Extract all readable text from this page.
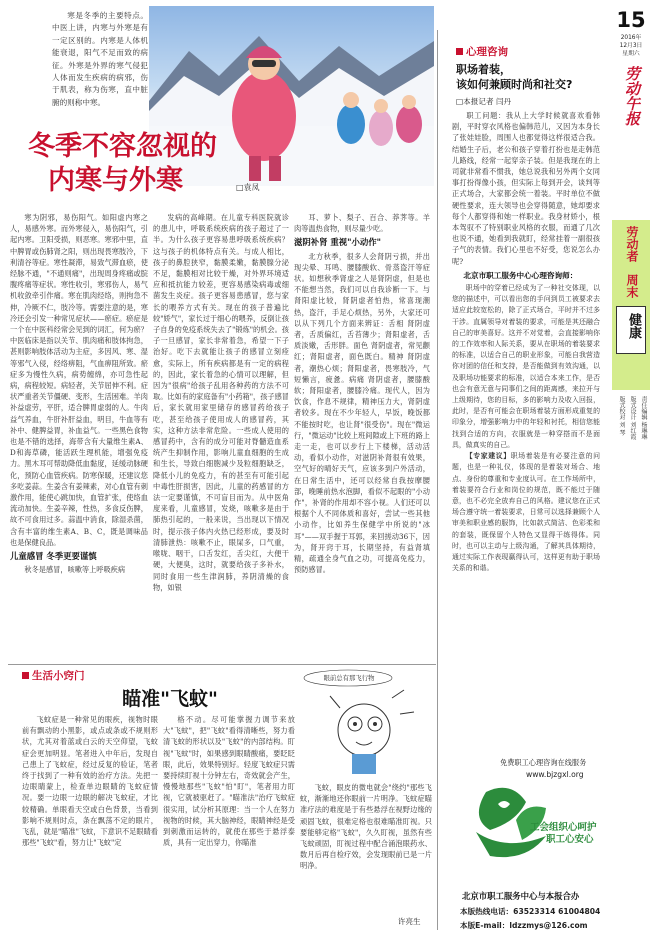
寒是冬季的主要特点。中医上讲，内寒与外寒是有一定区别的。内寒是人体机能衰退，阳气不足而致的病征。外寒是外界的寒气侵犯人体而发生疾病的病邪，伤于肌表，称为伤寒，直中脏腑的则称中寒。
冬季不容忽视的
内寒与外寒	□袁凤

寒为阴邪，易伤阳气。如阳虚内寒之人，易感外寒。而外寒侵入，易伤阳气，引起内寒。卫阳受损，则恶寒。寒邪中里，直中脾胃或伤肺肾之阳，则出现畏寒肢冷，下利清谷等症。寒性凝滞，易致气滞血瘀，使经脉不通，"不通则痛"，出现周身疼痛或脘腹疼痛等症状。寒性收引，寒邪伤人，易气机收敛牵引作痛。寒在肌肉经络，则拘急不伸，冷厥不仁，肢冷等。需要注意的是，寒冷还会引发一种常见症状——瘀症。瘀症是一个在中医科经常会见到的词汇，何为瘀？中医临床是指以关节、肌肉痛和肢体拘急，甚则影响肢体活动为主症，多因风、寒、湿等邪气入侵，经络痹阻，气血痹阻所致。瘀症多为慢性久病，病势缠绵，亦可急性起病，病程较短。病轻者，关节屈伸不利。症状严重者关节僵硬、变形，生活困难。羊肉补益虚劳，平肝，适合脾胃虚弱的人。牛肉益气养血，牛肝补肝益血，明目，牛血等有补中、健脾益胃，补血益气。一些黑色食物也是不错的选择，海带含有大量维生素A、D和海草磷，能活跃生理机能，增强免疫力。黑木耳可帮助降低血黏度，延缓动脉硬化，预防心血管疾病。防寒保暖，还建议您多吃姜蒜。生姜含有姜辣素，对心血管有刺激作用，能使心跳加快，血管扩张，使络血流动加快。生姜辛辣，性热，多食反伤脾，故不可食用过多。蒜温中消食，除湿杀菌，含有丰富的维生素A、B、C，既是调味品也是保健良品。

儿童感冒 冬季更要谨慎

秋冬是感冒，咳嗽等上呼吸疾病

发病的高峰期。在儿童专科医院就诊的患儿中，呼吸系统疾病的孩子超过了一半。为什么孩子更容易患呼吸系统疾病？这与孩子的机体特点有关。与成人相比，孩子的鼻腔狭窄，黏膜柔嫩，黏膜腺分泌不足，黏膜相对比较干燥，对外界环境适应和抵抗能力较差，更容易感染病毒或细菌发生炎症。孩子更容易患感冒，您与家长的喂养方式有关。现在的孩子普遍比较"娇气"，家长过于细心的喂养，反倒让孩子自身的免疫系统失去了"锻炼"的机会。孩子一旦感冒，家长非常着急，希望一下子治好。吃下去就能让孩子的感冒立刻痊愈，实际上，所有疾病都是有一定的病程的，因此，家长着急的心情可以理解，但因为"很病"给孩子乱用各种药的方法不可取。比如有的家庭备有"小药箱"，孩子感冒后，家长就用家里储存的感冒药给孩子吃，甚至给孩子使用成人的感冒药，其实，这种方法非常危险。一些成人使用的感冒药中，含有的成分可能对脊髓造血系统产生抑制作用，影响儿童血细胞的生成和生长，导致白细胞减少及粒细胞缺乏，降低小儿的免疫力，有的甚至有可能引起中毒性肝损害，因此，儿童的药感冒的方法一定要谨慎，不可盲目而为。从中医角度来看，儿童感冒，发烧，咳嗽多是由于肺热引起的，一般来说，当出现以下情况时，提示孩子体内火热已经形成，要及时清肺泄热：咳嗽不止，眼屎多，口气重，喉咙、咽干，口舌发红，舌尖红，大便干硬，大便臭，这时，就要给孩子多补水，同时食用一些生津润肺，养阴清燥的食物，如银

耳、萝卜、梨子、百合、莽荠等。羊肉等温热食物，则尽量少吃。

滋阴补肾 重视"小动作"

北方秋季，很多人会肾阴亏损，并出现尖晕、耳鸣、腰膝酸软、骨蒸盗汗等症状。如想秋季肾虚之人是肾阴虚，但是也不能想当然，我们可以自我诊断一下。与肾阳虚比较，肾阴虚者怕热，常喜现潮热，盗汗，手足心烦热，另外，大家还可以从下列几个方面来辨证：舌相 肾阴虚者，舌质偏红，舌苔薄少；肾阳虚者，舌质淡嫩，舌形胖。面色 肾阴虚者，常见颧红；肾阳虚者，面色既白。精神 肾阴虚者，潮热心烦；肾阳虚者，畏寒肢冷，气短懒言，疲惫。病痛 肾阴虚者，腰膝酸软；肾阳虚者，腰膝冷痛。现代人，因为饮食，作息不规律，精神压力大，肾阴虚者较多。现在不少年轻人，早饭，晚饭都不能按时吃，也让肾"很受伤"。现在"微运行，"微运动"比较上班间隙或上下班的路上走一走，也可以步行上下楼梯，活动活动，看似小动作，对滋阴补肾很有效果，空气好的晴好天气，应该多到户外活动，在日常生活中，还可以经常自我按摩腰部，晚睡前热水泡脚，看似不起眼的"小动作"，补肾的作用却不容小视。人们还可以根据个人不同体质和喜好，尝试一些其他小动作，比如养生保健学中所说的"冰耳"——双手握于耳郭，来回搓动36下，因为，肾开窍于耳，长期坚持，有益肾填精，疏通全身气血之功，可提高免疫力，预防感冒。

生活小窍门
瞄准"飞蚊"
眼前总有那飞行物

飞蚊症是一种常见的眼疾，视物时眼前有飘动的小黑影，或点或条或不规则形状，尤其对着蓝或白云的天空仰望，飞蚊症会更加明显。笔者进入中年后，发现自己患上了飞蚊症，经过反复的验证，笔者终于找到了一种有效的治疗方法。先把一边眼睛蒙上，检查单边眼睛的飞蚊症情况。要一边眼一边眼的解决飞蚊症，才比较精确。单眼看天空或白色背景，当看到影响不规则时点，条在飘荡不定的眼片，飞乱，就是"瞄准"飞蚊，下意识不足眼睛看那些"飞蚊"看，努力让"飞蚊"定

格不动。尽可能掌握力调节来放大"飞蚊"，把"飞蚊"看得清晰些，努力看清飞蚊的形状以及"飞蚊"的内部结构。盯视"飞蚊"时，如果感到眼睛酸痛，要眨眨眼，此后，效果特别好。轻度飞蚊症只需要持续盯视十分钟左右，奇效就会产生，慢慢地那些"飞蚊"怕"盯"，笔者用力盯视，它就被驱赶了。"瞄准法"治疗飞蚊症很实用，试分析其原理：当一个人在努力视物的时候，其大脑神经，眼睛神经是受到刺激而运转的，就使在那些于悬浮泰质，具有一定出穿力，你瞄准

飞蚊，眼皮的微电就会"绕约"那些飞蚊，渐渐地还你眼前一片明净。飞蚊症瞄准疗法的难度是于有些悬浮在视野边缘的顽固飞蚊，很难定格也很难瞄准盯视。只要能够定格"飞蚊"，久久盯视，虽然有些飞蚊顽固，盯视过程中配合涌泡眼药水、数月后再自检疗效，会发现眼前已是一片明净。

许亮生
心理咨询
职场着装，
该如何兼顾时尚和社交?
□本报记者 闫丹

职工问题：我从上大学时候就喜欢看韩剧，平时穿衣风格也偏韩范儿，又因为本身长了张娃娃脸，周围人也都觉得这样很适合我。结婚生子后，老公和孩子穿着打扮也是走韩范儿路线，经常一起穿亲子装。但是我现在的上司就非常看不惯我，她总说我和另外两个女同事打扮得像小孩，但实际上每到开会，谈判等正式场合，大家都会统一着装。平时单位不做硬性要求，连大领导也会穿得随意，她却要求每个人都穿得和她一样职业。我身材娇小，根本驾驭不了特别职业风格的衣服，而通了几次也说不通，她看到我就盯，经常挂着一副很孩子气的表情。我们心里也不好受，您说怎么办呢?

北京市职工服务中心心理咨询师：

职场中的穿着已经成为了一种社交体现，以您的描述中，可以看出您的手问到员工被要求去适应此较宽松的，除了正式场合，平时并不过多干涉。直属领导对着装的要求，可能是其还融合自己的审美喜好。这并不对觉着，会直接影响你的工作效率和人际关系，要从在职场的着装要求的标准，以适合自己的职业形象，可能自我营造你对团的信任和支持，是否能做到有效沟通，以及职场功能要求的标准，以适合本来工作，是否也会有意无意与同事们之间的距离感，来拉开与上级期待，您的目标，多的影响力及收入回报，此时，是否有可能会在职场着装方面形成重复的印象分，增强影响力中的年轻和衬托，相信您能找到合适的方向，衣服就是一种穿搭而不是面具，做真实的自己。

【专家建议】职场着装是有必要注意的问题，也是一种礼仪，体现的是着装对场合、地点、身份的尊重和专业度认可。在工作场所中，着装要符合行业和岗位的规范，既不能过于随意，也不必完全放弃自己的风格。建议您在正式场合遵守统一着装要求，日常可以选择兼顾个人审美和职业感的服饰，比如款式简洁、色彩柔和的套装，既保留个人特色又显得干练得体。同时，也可以主动与上级沟通，了解其具体期待，通过实际工作表现赢得认可，这样更有助于职场关系的和谐。

免费职工心理咨询在线服务
www.bjzgxl.org
工会组织心呵护
职工心安心
北京市职工服务中心与本报合办
本版热线电话：63523314 61004804
本版E-mail：ldzzmys@126.com
15
2016年
12月3日
星期六
劳动午报
劳动者
周末
健康
责任编辑 杨琳琳
版式设计 刘红霞
版式校对 刘 琴
